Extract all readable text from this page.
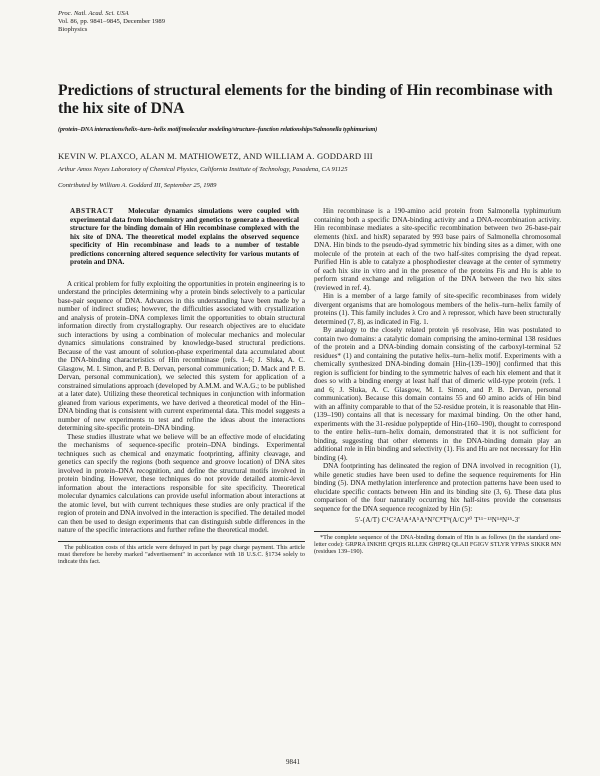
Proc. Natl. Acad. Sci. USA
Vol. 86, pp. 9841–9845, December 1989
Biophysics
Predictions of structural elements for the binding of Hin recombinase with the hix site of DNA
(protein–DNA interactions/helix–turn–helix motif/molecular modeling/structure–function relationships/Salmonella typhimurium)
KEVIN W. PLAXCO, ALAN M. MATHIOWETZ, AND WILLIAM A. GODDARD III
Arthur Amos Noyes Laboratory of Chemical Physics, California Institute of Technology, Pasadena, CA 91125
Contributed by William A. Goddard III, September 25, 1989

ABSTRACT Molecular dynamics simulations were coupled with experimental data from biochemistry and genetics to generate a theoretical structure for the binding domain of Hin recombinase complexed with the hix site of DNA. The theoretical model explains the observed sequence specificity of Hin recombinase and leads to a number of testable predictions concerning altered sequence selectivity for various mutants of protein and DNA.

A critical problem for fully exploiting the opportunities in protein engineering is to understand the principles determining why a protein binds selectively to a particular base-pair sequence of DNA. Advances in this understanding have been made by a number of indirect studies; however, the difficulties associated with crystallization and analysis of protein–DNA complexes limit the opportunities to obtain structural information directly from crystallography. Our research objectives are to elucidate such interactions by using a combination of molecular mechanics and molecular dynamics simulations constrained by knowledge-based structural predictions. Because of the vast amount of solution-phase experimental data accumulated about the DNA-binding characteristics of Hin recombinase (refs. 1–6; J. Sluka, A. C. Glasgow, M. I. Simon, and P. B. Dervan, personal communication; D. Mack and P. B. Dervan, personal communication), we selected this system for application of a constrained simulations approach (developed by A.M.M. and W.A.G.; to be published at a later date). Utilizing these theoretical techniques in conjunction with information gleaned from various experiments, we have derived a theoretical model of the Hin–DNA binding that is consistent with current experimental data. This model suggests a number of new experiments to test and refine the ideas about the interactions determining site-specific protein–DNA binding.

These studies illustrate what we believe will be an effective mode of elucidating the mechanisms of sequence-specific protein–DNA bindings. Experimental techniques such as chemical and enzymatic footprinting, affinity cleavage, and genetics can specify the regions (both sequence and groove location) of DNA sites involved in protein–DNA recognition, and define the structural motifs involved in protein binding. However, these techniques do not provide detailed atomic-level information about the interactions responsible for site specificity. Theoretical molecular dynamics calculations can provide useful information about interactions at the atomic level, but with current techniques these studies are only practical if the region of protein and DNA involved in the interaction is specified. The detailed model can then be used to design experiments that can distinguish subtle differences in the nature of the specific interactions and further refine the theoretical model.

The publication costs of this article were defrayed in part by page charge payment. This article must therefore be hereby marked "advertisement" in accordance with 18 U.S.C. §1734 solely to indicate this fact.

Hin recombinase is a 190-amino acid protein from Salmonella typhimurium containing both a specific DNA-binding activity and a DNA-recombination activity. Hin recombinase mediates a site-specific recombination between two 26-base-pair elements (hixL and hixR) separated by 993 base pairs of Salmonella chromosomal DNA. Hin binds to the pseudo-dyad symmetric hix binding sites as a dimer, with one molecule of the protein at each of the two half-sites comprising the dyad repeat. Purified Hin is able to catalyze a phosphodiester cleavage at the center of symmetry of each hix site in vitro and in the presence of the proteins Fis and Hu is able to perform strand exchange and religation of the DNA between the two hix sites (reviewed in ref. 4).

Hin is a member of a large family of site-specific recombinases from widely divergent organisms that are homologous members of the helix–turn–helix family of proteins (1). This family includes λ Cro and λ repressor, which have been structurally determined (7, 8), as indicated in Fig. 1.

By analogy to the closely related protein γδ resolvase, Hin was postulated to contain two domains: a catalytic domain comprising the amino-terminal 138 residues of the protein and a DNA-binding domain consisting of the carboxyl-terminal 52 residues* (1) and containing the putative helix–turn–helix motif. Experiments with a chemically synthesized DNA-binding domain [Hin-(139–190)] confirmed that this region is sufficient for binding to the symmetric halves of each hix element and that it does so with a binding energy at least half that of dimeric wild-type protein (refs. 1 and 6; J. Sluka, A. C. Glasgow, M. I. Simon, and P. B. Dervan, personal communication). Because this domain contains 55 and 60 amino acids of Hin bind with an affinity comparable to that of the 52-residue protein, it is reasonable that Hin-(139–190) contains all that is necessary for maximal binding. On the other hand, experiments with the 31-residue polypeptide of Hin-(160–190), thought to correspond to the entire helix–turn–helix domain, demonstrated that it is not sufficient for binding, suggesting that other elements in the DNA-binding domain play an additional role in Hin binding and selectivity (1). Fis and Hu are not necessary for Hin binding (4).

DNA footprinting has delineated the region of DNA involved in recognition (1), while genetic studies have been used to define the sequence requirements for Hin binding (5). DNA methylation interference and protection patterns have been used to elucidate specific contacts between Hin and its binding site (3, 6). These data plus comparison of the four naturally occurring hix half-sites provide the consensus sequence for the DNA sequence recognized by Hin (5):

5'-(A/T) C¹C²A³A⁴A⁵A⁶N⁷C⁸T⁹(A/C)¹⁰ T¹¹⁻¹³N¹⁴N¹⁵-3'

*The complete sequence of the DNA-binding domain of Hin is as follows (in the standard one-letter code): GRPRA INKHE QFQIS RLLEK GHPRQ QLAII FGIGV STLYR YFPAS SIKKR MN (residues 139–190).

9841
